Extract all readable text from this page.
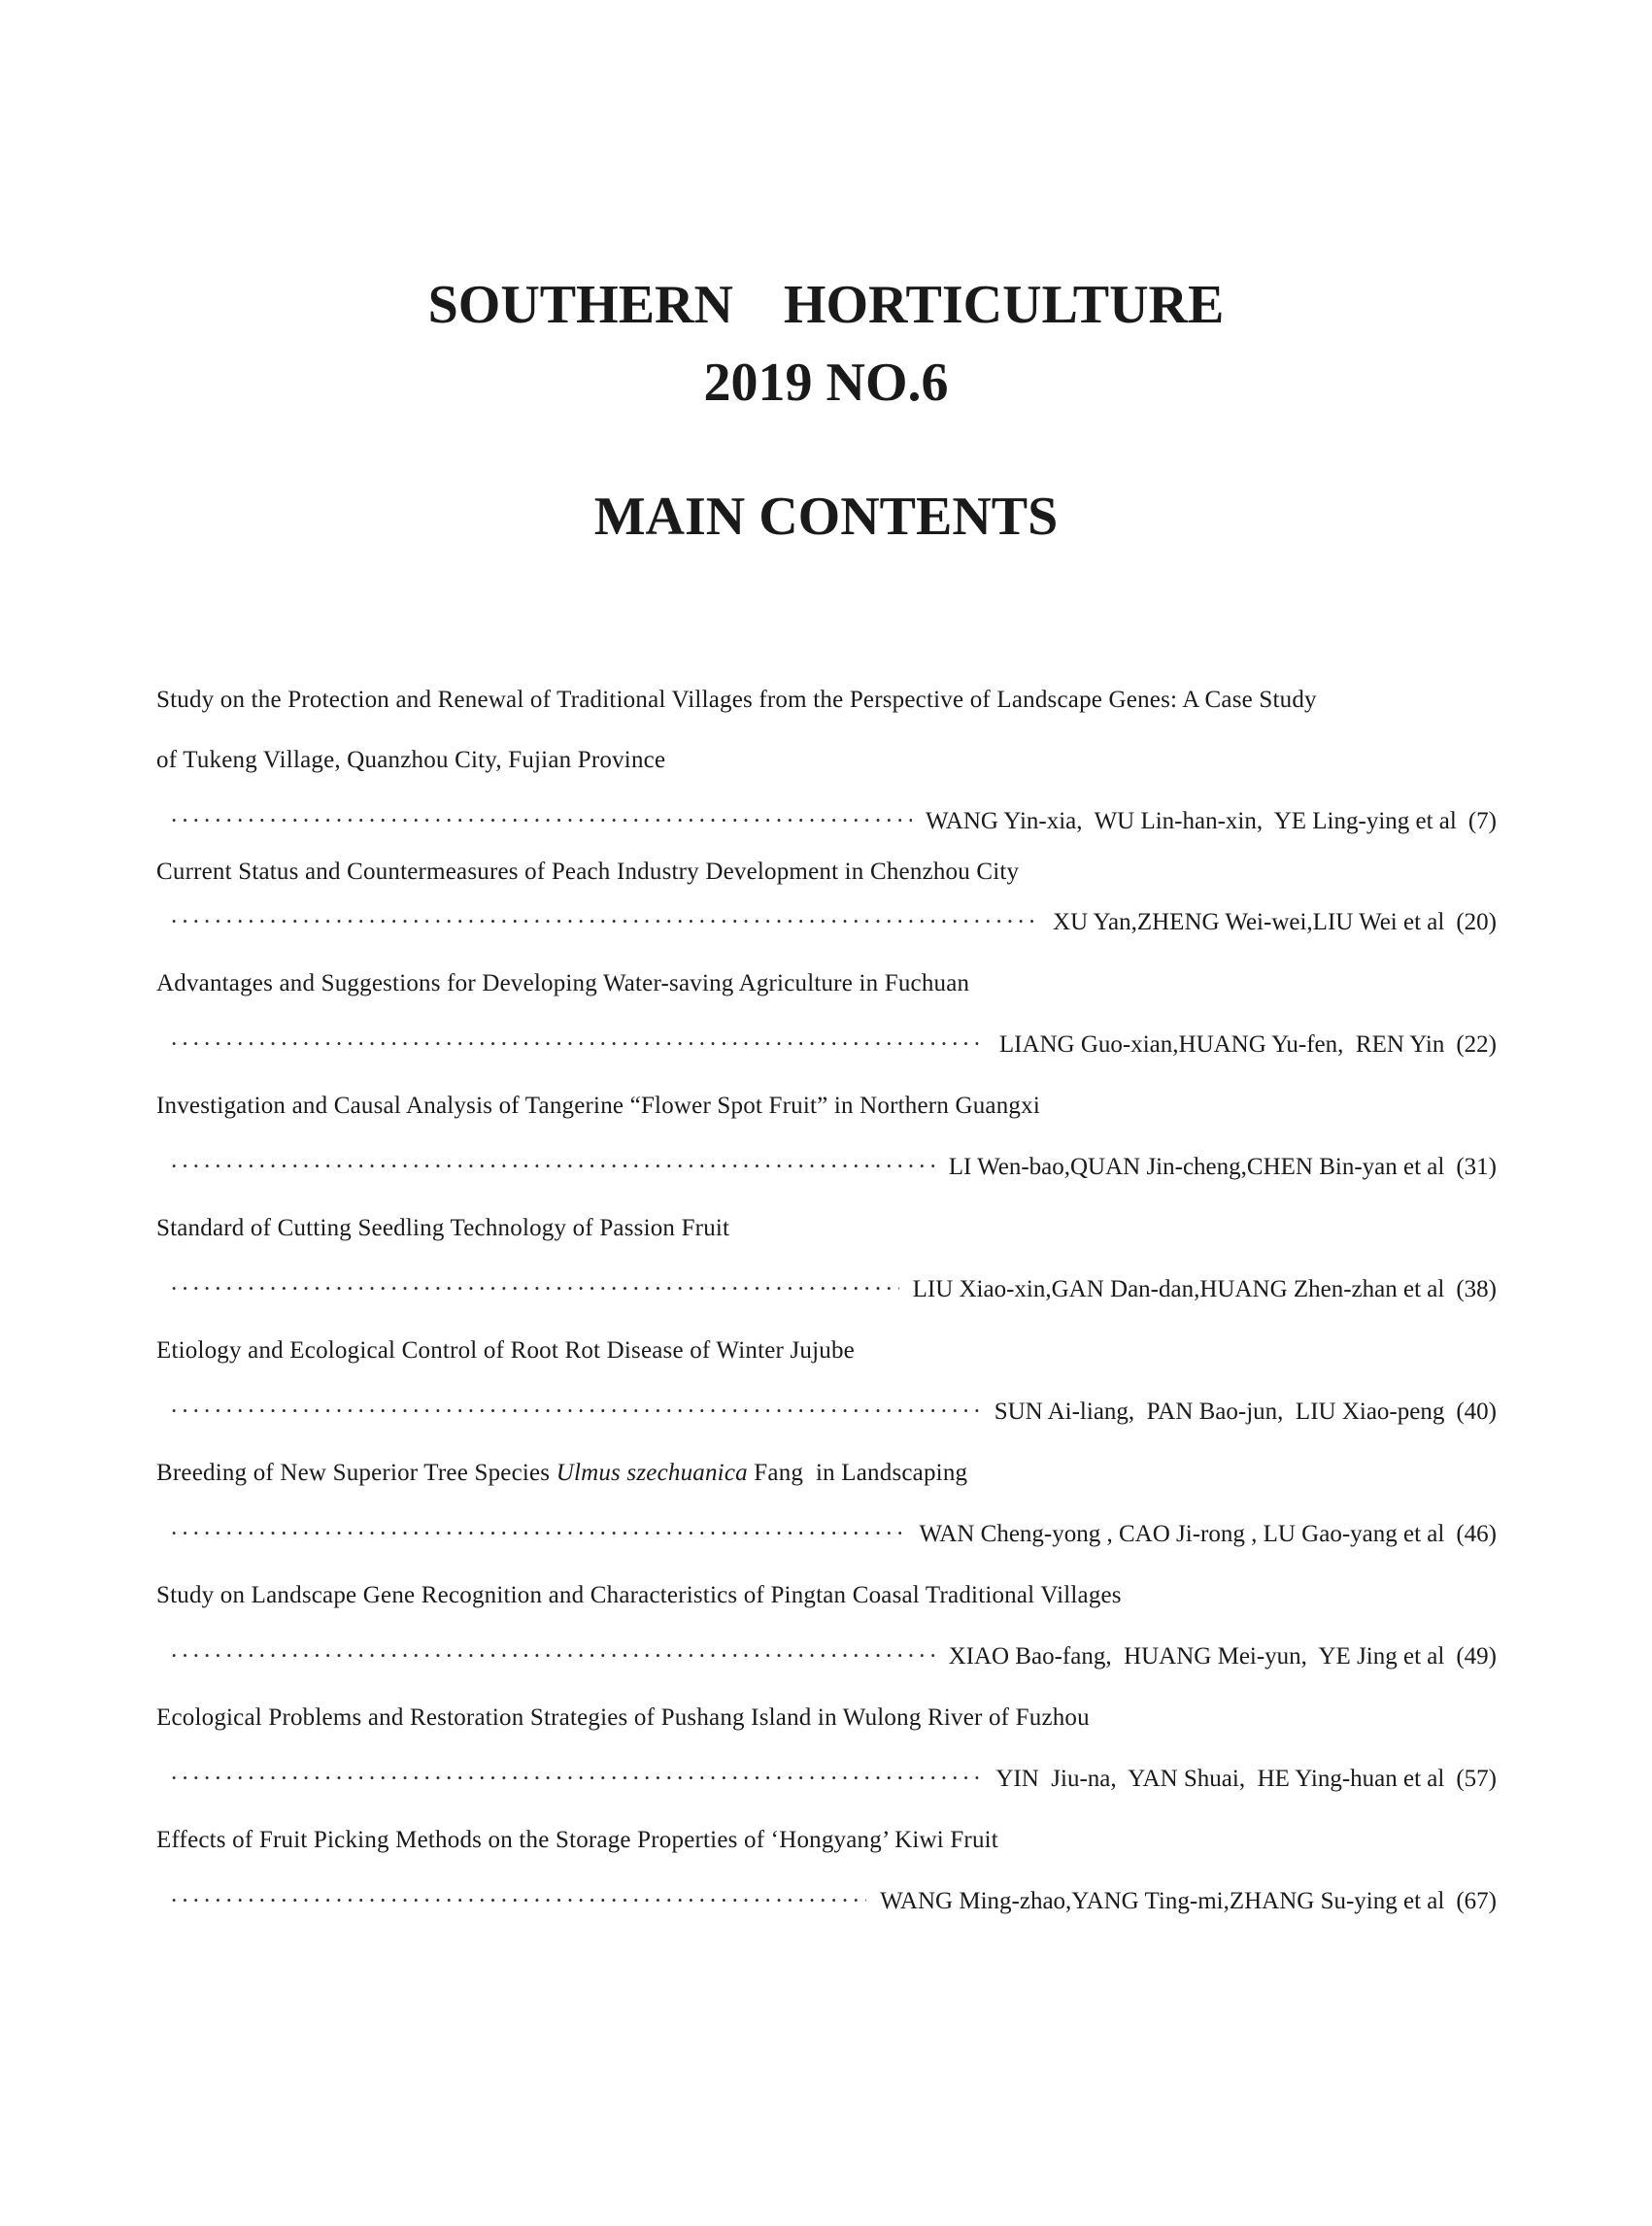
SOUTHERN  HORTICULTURE
2019 NO.6
MAIN CONTENTS
Study on the Protection and Renewal of Traditional Villages from the Perspective of Landscape Genes: A Case Study
of Tukeng Village, Quanzhou City, Fujian Province
·····
WANG Yin-xia,  WU Lin-han-xin,  YE Ling-ying et al (7)
Current Status and Countermeasures of Peach Industry Development in Chenzhou City
·····
XU Yan,ZHENG Wei-wei,LIU Wei et al (20)
Advantages and Suggestions for Developing Water-saving Agriculture in Fuchuan
·····
LIANG Guo-xian,HUANG Yu-fen,  REN Yin (22)
Investigation and Causal Analysis of Tangerine “Flower Spot Fruit” in Northern Guangxi
·····
LI Wen-bao,QUAN Jin-cheng,CHEN Bin-yan et al (31)
Standard of Cutting Seedling Technology of Passion Fruit
·····
LIU Xiao-xin,GAN Dan-dan,HUANG Zhen-zhan et al (38)
Etiology and Ecological Control of Root Rot Disease of Winter Jujube
·····
SUN Ai-liang,  PAN Bao-jun,  LIU Xiao-peng (40)
Breeding of New Superior Tree Species Ulmus szechuanica Fang  in Landscaping
·····
WAN Cheng-yong , CAO Ji-rong , LU Gao-yang et al (46)
Study on Landscape Gene Recognition and Characteristics of Pingtan Coasal Traditional Villages
·····
XIAO Bao-fang,  HUANG Mei-yun,  YE Jing et al (49)
Ecological Problems and Restoration Strategies of Pushang Island in Wulong River of Fuzhou
·····
YIN  Jiu-na,  YAN Shuai,  HE Ying-huan et al (57)
Effects of Fruit Picking Methods on the Storage Properties of ‘Hongyang’ Kiwi Fruit
·····
WANG Ming-zhao,YANG Ting-mi,ZHANG Su-ying et al (67)
